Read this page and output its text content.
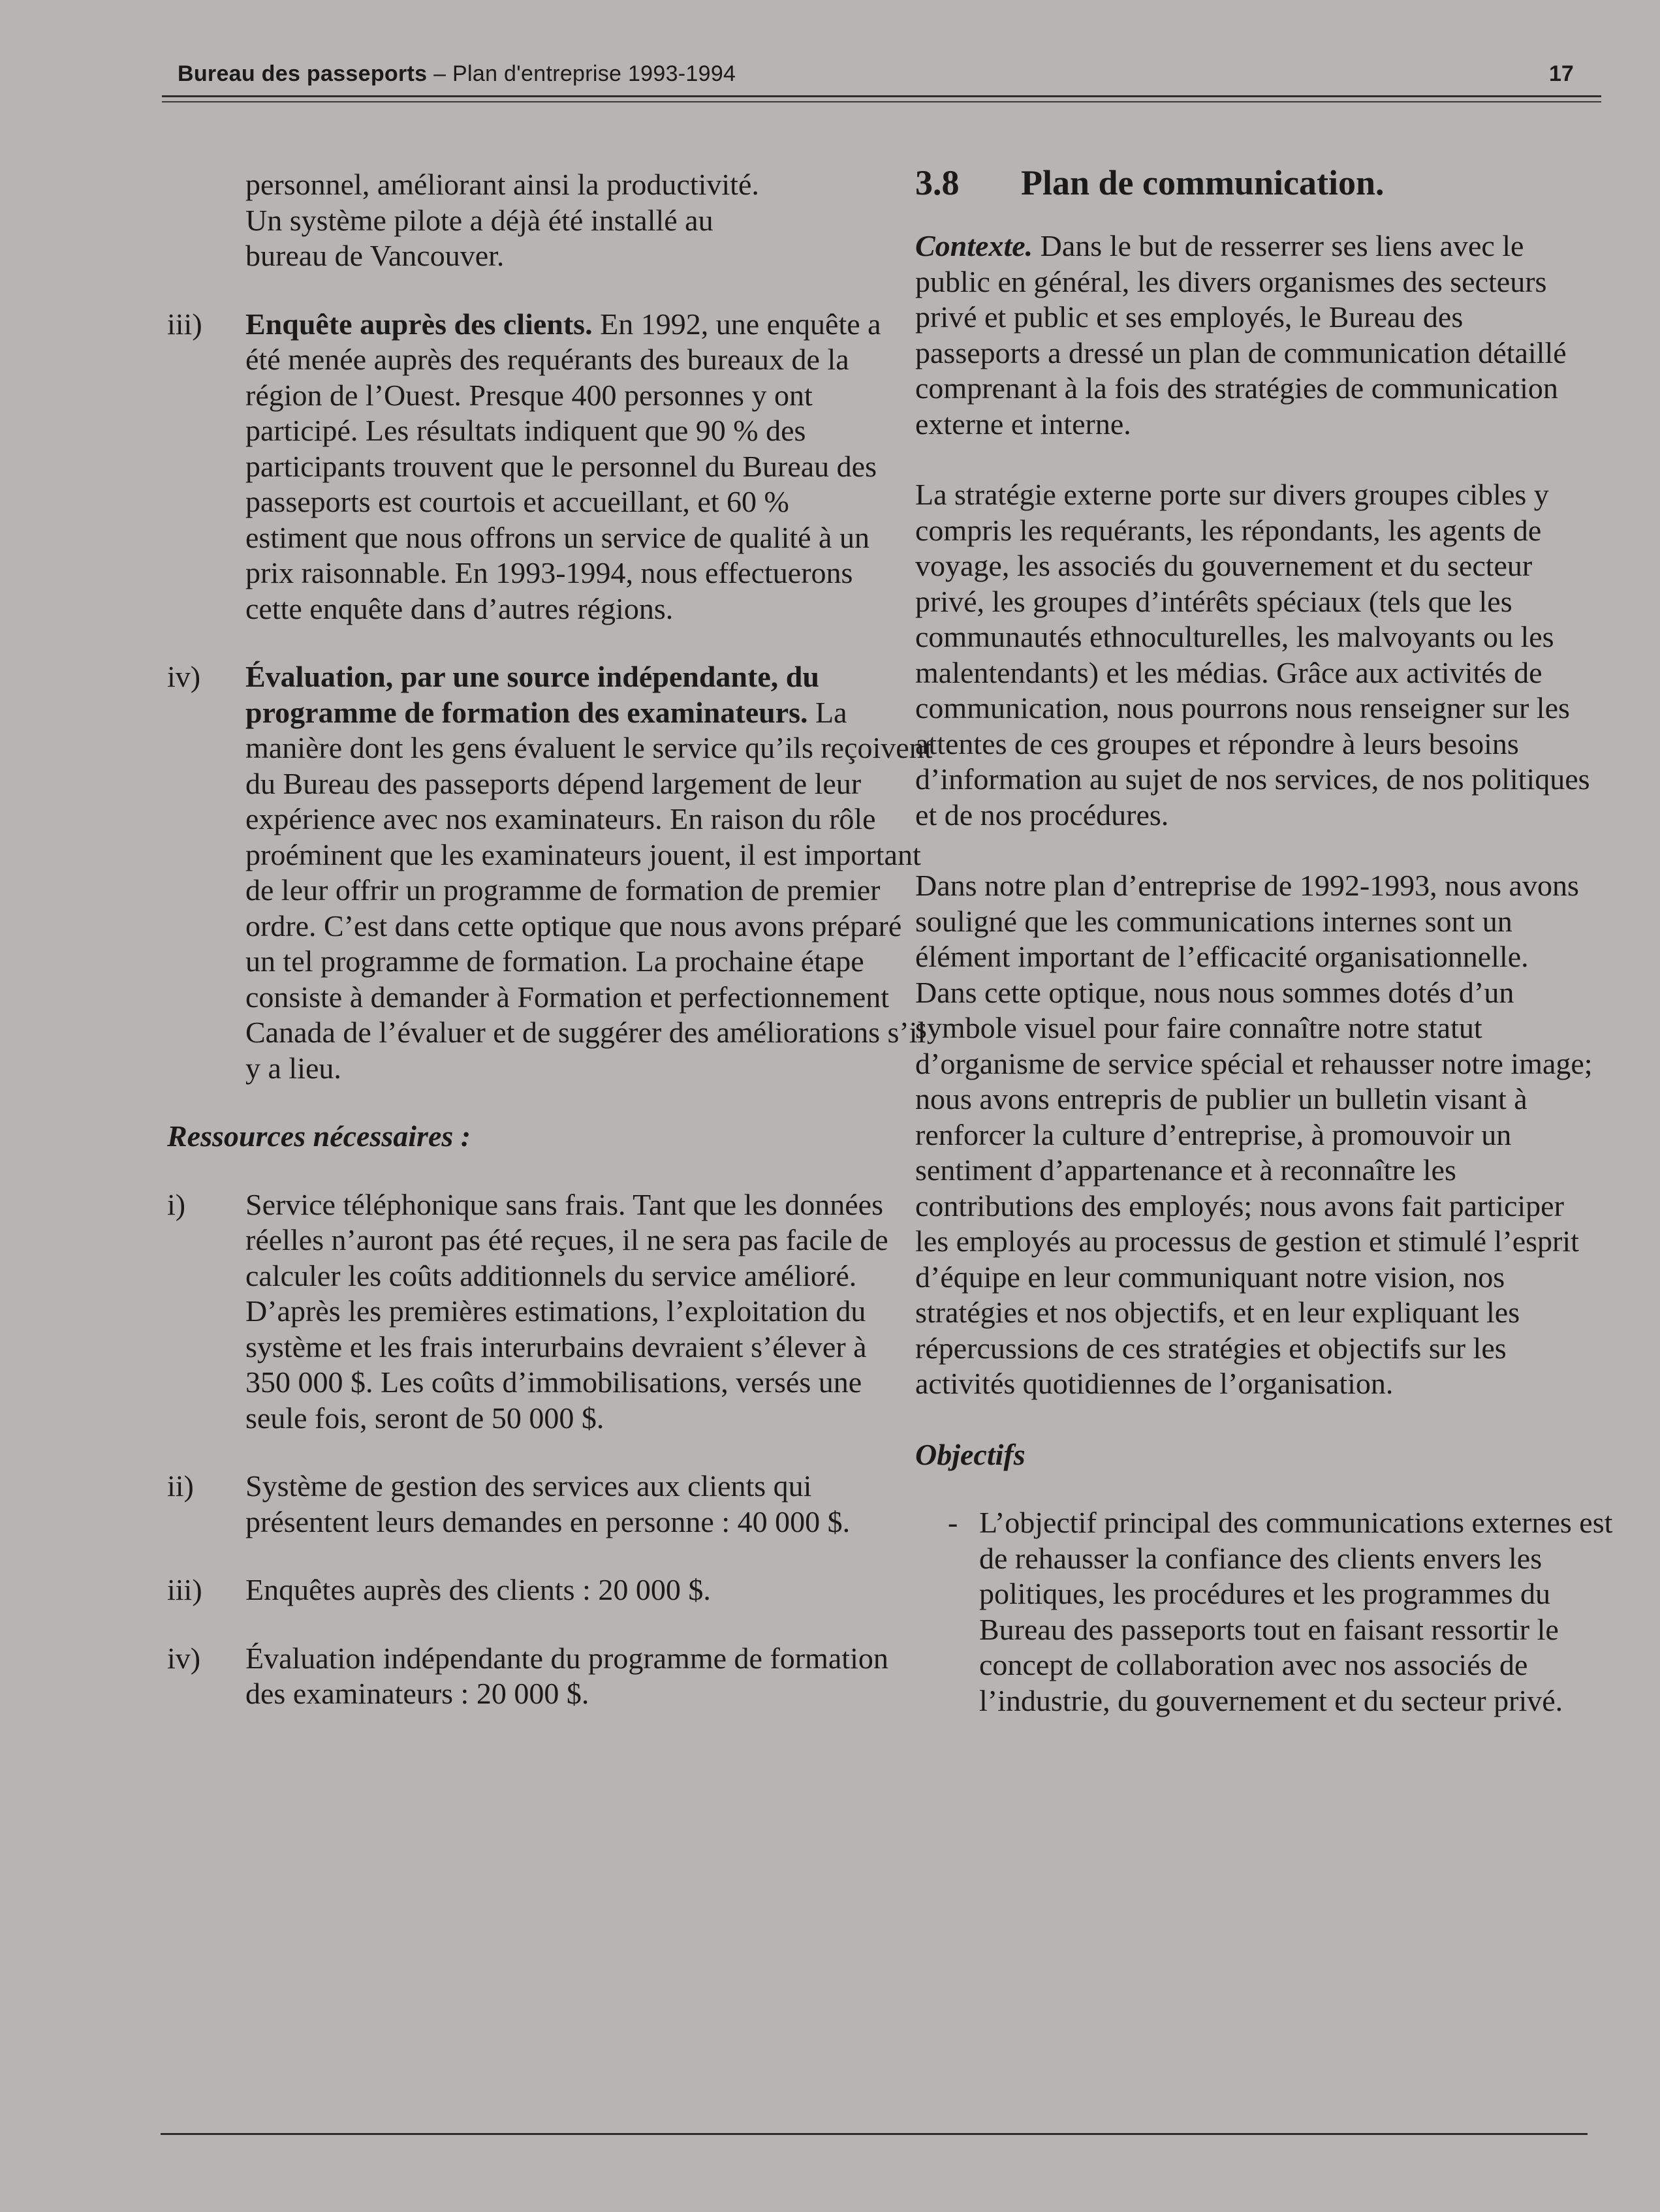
Bureau des passeports – Plan d'entreprise 1993-1994	17

personnel, améliorant ainsi la productivité. Un système pilote a déjà été installé au bureau de Vancouver.

iii) Enquête auprès des clients. En 1992, une enquête a été menée auprès des requérants des bureaux de la région de l’Ouest. Presque 400 personnes y ont participé. Les résultats indiquent que 90 % des participants trouvent que le personnel du Bureau des passeports est courtois et accueillant, et 60 % estiment que nous offrons un service de qualité à un prix raisonnable. En 1993-1994, nous effectuerons cette enquête dans d’autres régions.

iv) Évaluation, par une source indépendante, du programme de formation des examinateurs. La manière dont les gens évaluent le service qu’ils reçoivent du Bureau des passeports dépend largement de leur expérience avec nos examinateurs. En raison du rôle proéminent que les examinateurs jouent, il est important de leur offrir un programme de formation de premier ordre. C’est dans cette optique que nous avons préparé un tel programme de formation. La prochaine étape consiste à demander à Formation et perfectionnement Canada de l’évaluer et de suggérer des améliorations s’il y a lieu.

Ressources nécessaires :

i) Service téléphonique sans frais. Tant que les données réelles n’auront pas été reçues, il ne sera pas facile de calculer les coûts additionnels du service amélioré. D’après les premières estimations, l’exploitation du système et les frais interurbains devraient s’élever à 350 000 $. Les coûts d’immobilisations, versés une seule fois, seront de 50 000 $.

ii) Système de gestion des services aux clients qui présentent leurs demandes en personne : 40 000 $.

iii) Enquêtes auprès des clients : 20 000 $.

iv) Évaluation indépendante du programme de formation des examinateurs : 20 000 $.

3.8	Plan de communication.

Contexte. Dans le but de resserrer ses liens avec le public en général, les divers organismes des secteurs privé et public et ses employés, le Bureau des passeports a dressé un plan de communication détaillé comprenant à la fois des stratégies de communication externe et interne.

La stratégie externe porte sur divers groupes cibles y compris les requérants, les répondants, les agents de voyage, les associés du gouvernement et du secteur privé, les groupes d’intérêts spéciaux (tels que les communautés ethnoculturelles, les malvoyants ou les malentendants) et les médias. Grâce aux activités de communication, nous pourrons nous renseigner sur les attentes de ces groupes et répondre à leurs besoins d’information au sujet de nos services, de nos politiques et de nos procédures.

Dans notre plan d’entreprise de 1992-1993, nous avons souligné que les communications internes sont un élément important de l’efficacité organisationnelle. Dans cette optique, nous nous sommes dotés d’un symbole visuel pour faire connaître notre statut d’organisme de service spécial et rehausser notre image; nous avons entrepris de publier un bulletin visant à renforcer la culture d’entreprise, à promouvoir un sentiment d’appartenance et à reconnaître les contributions des employés; nous avons fait participer les employés au processus de gestion et stimulé l’esprit d’équipe en leur communiquant notre vision, nos stratégies et nos objectifs, et en leur expliquant les répercussions de ces stratégies et objectifs sur les activités quotidiennes de l’organisation.

Objectifs

- L’objectif principal des communications externes est de rehausser la confiance des clients envers les politiques, les procédures et les programmes du Bureau des passeports tout en faisant ressortir le concept de collaboration avec nos associés de l’industrie, du gouvernement et du secteur privé.
